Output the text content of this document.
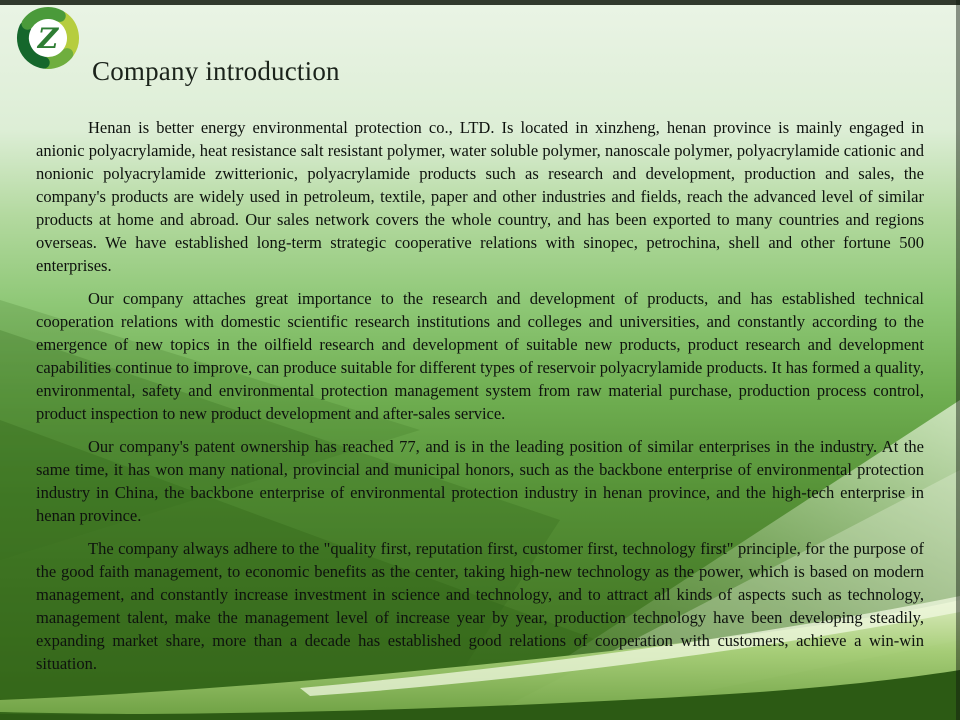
Z
Company introduction

Henan is better energy environmental protection co., LTD. Is located in xinzheng, henan province is mainly engaged in anionic polyacrylamide, heat resistance salt resistant polymer, water soluble polymer, nanoscale polymer, polyacrylamide cationic and nonionic polyacrylamide zwitterionic, polyacrylamide products such as research and development, production and sales, the company's products are widely used in petroleum, textile, paper and other industries and fields, reach the advanced level of similar products at home and abroad. Our sales network covers the whole country, and has been exported to many countries and regions overseas. We have established long-term strategic cooperative relations with sinopec, petrochina, shell and other fortune 500 enterprises.

Our company attaches great importance to the research and development of products, and has established technical cooperation relations with domestic scientific research institutions and colleges and universities, and constantly according to the emergence of new topics in the oilfield research and development of suitable new products, product research and development capabilities continue to improve, can produce suitable for different types of reservoir polyacrylamide products. It has formed a quality, environmental, safety and environmental protection management system from raw material purchase, production process control, product inspection to new product development and after-sales service.

Our company's patent ownership has reached 77, and is in the leading position of similar enterprises in the industry. At the same time, it has won many national, provincial and municipal honors, such as the backbone enterprise of environmental protection industry in China, the backbone enterprise of environmental protection industry in henan province, and the high-tech enterprise in henan province.

The company always adhere to the "quality first, reputation first, customer first, technology first" principle, for the purpose of the good faith management, to economic benefits as the center, taking high-new technology as the power, which is based on modern management, and constantly increase investment in science and technology, and to attract all kinds of aspects such as technology, management talent, make the management level of increase year by year, production technology have been developing steadily, expanding market share, more than a decade has established good relations of cooperation with customers, achieve a win-win situation.
